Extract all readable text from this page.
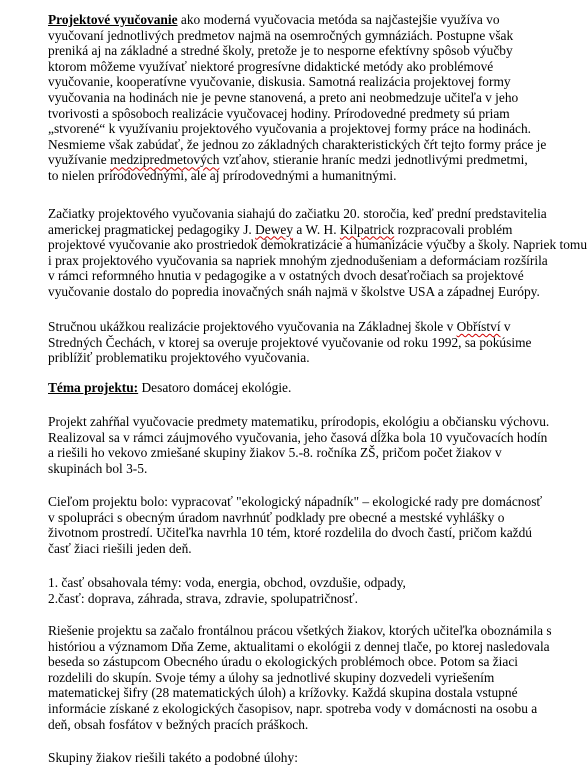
Projektové vyučovanie ako moderná vyučovacia metóda sa najčastejšie využíva vo
vyučovaní jednotlivých predmetov najmä na osemročných gymnáziách. Postupne však
preniká aj na základné a stredné školy, pretože je to nesporne efektívny spôsob výučby
ktorom môžeme využívať niektoré progresívne didaktické metódy ako problémové
vyučovanie, kooperatívne vyučovanie, diskusia. Samotná realizácia projektovej formy
vyučovania na hodinách nie je pevne stanovená, a preto ani neobmedzuje učiteľa v jeho
tvorivosti a spôsoboch realizácie vyučovacej hodiny. Prírodovedné predmety sú priam
„stvorené“ k využívaniu projektového vyučovania a projektovej formy práce na hodinách.
Nesmieme však zabúdať, že jednou zo základných charakteristických čŕt tejto formy práce je
využívanie medzipredmetových vzťahov, stieranie hraníc medzi jednotlivými predmetmi,
to nielen prírodovednými, ale aj prírodovednými a humanitnými.
Začiatky projektového vyučovania siahajú do začiatku 20. storočia, keď prední predstavitelia
americkej pragmatickej pedagogiky J. Dewey a W. H. Kilpatrick rozpracovali problém
projektové vyučovanie ako prostriedok demokratizácie a humanizácie výučby a školy. Napriek tomu
i prax projektového vyučovania sa napriek mnohým zjednodušeniam a deformáciam rozšírila
v rámci reformného hnutia v pedagogike a v ostatných dvoch desaťročiach sa projektové
vyučovanie dostalo do popredia inovačných snáh najmä v školstve USA a západnej Európy.
Stručnou ukážkou realizácie projektového vyučovania na Základnej škole v Obříství v
Stredných Čechách, v ktorej sa overuje projektové vyučovanie od roku 1992, sa pokúsime
priblížiť problematiku projektového vyučovania.
Téma projektu: Desatoro domácej ekológie.
Projekt zahŕňal vyučovacie predmety matematiku, prírodopis, ekológiu a občiansku výchovu.
Realizoval sa v rámci záujmového vyučovania, jeho časová dĺžka bola 10 vyučovacích hodín
a riešili ho vekovo zmiešané skupiny žiakov 5.-8. ročníka ZŠ, pričom počet žiakov v
skupinách bol 3-5.
Cieľom projektu bolo: vypracovať "ekologický nápadník" – ekologické rady pre domácnosť
v spolupráci s obecným úradom navrhnúť podklady pre obecné a mestské vyhlášky o
životnom prostredí. Učiteľka navrhla 10 tém, ktoré rozdelila do dvoch častí, pričom každú
časť žiaci riešili jeden deň.
1. časť obsahovala témy: voda, energia, obchod, ovzdušie, odpady,
2.časť: doprava, záhrada, strava, zdravie, spolupatričnosť.
Riešenie projektu sa začalo frontálnou prácou všetkých žiakov, ktorých učiteľka oboznámila s
históriou a významom Dňa Zeme, aktualitami o ekológii z dennej tlače, po ktorej nasledovala
beseda so zástupcom Obecného úradu o ekologických problémoch obce. Potom sa žiaci
rozdelili do skupín. Svoje témy a úlohy sa jednotlivé skupiny dozvedeli vyriešením
matematickej šifry (28 matematických úloh) a krížovky. Každá skupina dostala vstupné
informácie získané z ekologických časopisov, napr. spotreba vody v domácnosti na osobu a
deň, obsah fosfátov v bežných pracích práškoch.
Skupiny žiakov riešili takéto a podobné úlohy:
